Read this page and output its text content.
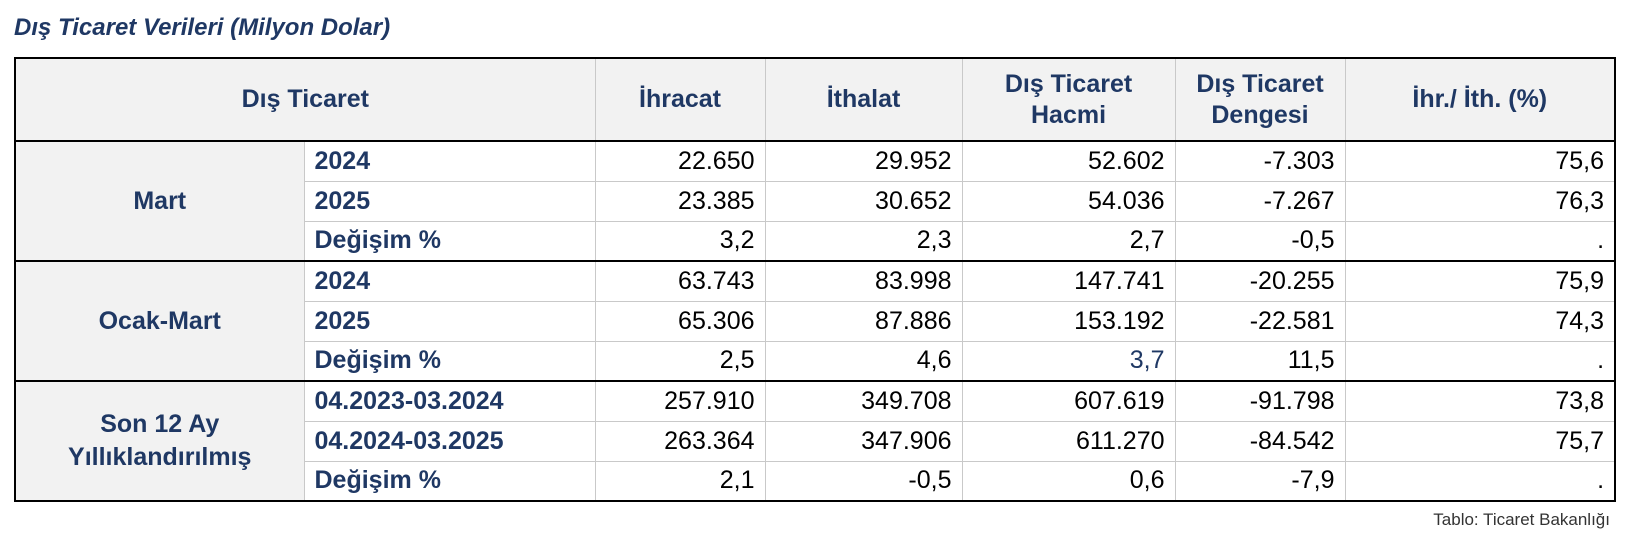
Dış Ticaret Verileri (Milyon Dolar)
Dış Ticaret		İhracat	İthalat	Dış Ticaret Hacmi	Dış Ticaret Dengesi	İhr./ İth. (%)
Mart	2024	22.650	29.952	52.602	-7.303	75,6
	2025	23.385	30.652	54.036	-7.267	76,3
	Değişim %	3,2	2,3	2,7	-0,5	.
Ocak-Mart	2024	63.743	83.998	147.741	-20.255	75,9
	2025	65.306	87.886	153.192	-22.581	74,3
	Değişim %	2,5	4,6	3,7	11,5	.
Son 12 Ay Yıllıklandırılmış	04.2023-03.2024	257.910	349.708	607.619	-91.798	73,8
	04.2024-03.2025	263.364	347.906	611.270	-84.542	75,7
	Değişim %	2,1	-0,5	0,6	-7,9	.
Tablo: Ticaret Bakanlığı
